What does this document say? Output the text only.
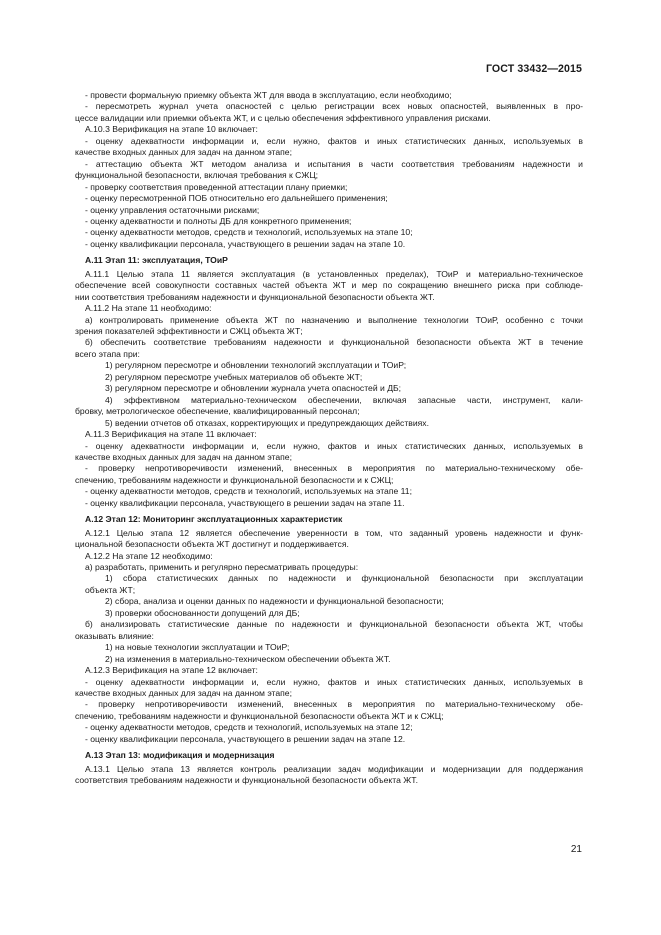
ГОСТ 33432—2015
- провести формальную приемку объекта ЖТ для ввода в эксплуатацию, если необходимо;
- пересмотреть журнал учета опасностей с целью регистрации всех новых опасностей, выявленных в про-
цессе валидации или приемки объекта ЖТ, и с целью обеспечения эффективного управления рисками.
А.10.3 Верификация на этапе 10 включает:
- оценку адекватности информации и, если нужно, фактов и иных статистических данных, используемых в
качестве входных данных для задач на данном этапе;
- аттестацию объекта ЖТ методом анализа и испытания в части соответствия требованиям надежности и
функциональной безопасности, включая требования к СЖЦ;
- проверку соответствия проведенной аттестации плану приемки;
- оценку пересмотренной ПОБ относительно его дальнейшего применения;
- оценку управления остаточными рисками;
- оценку адекватности и полноты ДБ для конкретного применения;
- оценку адекватности методов, средств и технологий, используемых на этапе 10;
- оценку квалификации персонала, участвующего в решении задач на этапе 10.
А.11 Этап 11: эксплуатация, ТОиР
А.11.1 Целью этапа 11 является эксплуатация (в установленных пределах), ТОиР и материально-техническое
обеспечение всей совокупности составных частей объекта ЖТ и мер по сокращению внешнего риска при соблюде-
нии соответствия требованиям надежности и функциональной безопасности объекта ЖТ.
А.11.2 На этапе 11 необходимо:
а) контролировать применение объекта ЖТ по назначению и выполнение технологии ТОиР, особенно с точки
зрения показателей эффективности и СЖЦ объекта ЖТ;
б) обеспечить соответствие требованиям надежности и функциональной безопасности объекта ЖТ в течение
всего этапа при:
1) регулярном пересмотре и обновлении технологий эксплуатации и ТОиР;
2) регулярном пересмотре учебных материалов об объекте ЖТ;
3) регулярном пересмотре и обновлении журнала учета опасностей и ДБ;
4) эффективном материально-техническом обеспечении, включая запасные части, инструмент, кали-
бровку, метрологическое обеспечение, квалифицированный персонал;
5) ведении отчетов об отказах, корректирующих и предупреждающих действиях.
А.11.3 Верификация на этапе 11 включает:
- оценку адекватности информации и, если нужно, фактов и иных статистических данных, используемых в
качестве входных данных для задач на данном этапе;
- проверку непротиворечивости изменений, внесенных в мероприятия по материально-техническому обе-
спечению, требованиям надежности и функциональной безопасности и к СЖЦ;
- оценку адекватности методов, средств и технологий, используемых на этапе 11;
- оценку квалификации персонала, участвующего в решении задач на этапе 11.
А.12 Этап 12: Мониторинг эксплуатационных характеристик
А.12.1 Целью этапа 12 является обеспечение уверенности в том, что заданный уровень надежности и функ-
циональной безопасности объекта ЖТ достигнут и поддерживается.
А.12.2 На этапе 12 необходимо:
а) разработать, применить и регулярно пересматривать процедуры:
1) сбора статистических данных по надежности и функциональной безопасности при эксплуатации
объекта ЖТ;
2) сбора, анализа и оценки данных по надежности и функциональной безопасности;
3) проверки обоснованности допущений для ДБ;
б) анализировать статистические данные по надежности и функциональной безопасности объекта ЖТ, чтобы
оказывать влияние:
1) на новые технологии эксплуатации и ТОиР;
2) на изменения в материально-техническом обеспечении объекта ЖТ.
А.12.3 Верификация на этапе 12 включает:
- оценку адекватности информации и, если нужно, фактов и иных статистических данных, используемых в
качестве входных данных для задач на данном этапе;
- проверку непротиворечивости изменений, внесенных в мероприятия по материально-техническому обе-
спечению, требованиям надежности и функциональной безопасности объекта ЖТ и к СЖЦ;
- оценку адекватности методов, средств и технологий, используемых на этапе 12;
- оценку квалификации персонала, участвующего в решении задач на этапе 12.
А.13 Этап 13: модификация и модернизация
А.13.1 Целью этапа 13 является контроль реализации задач модификации и модернизации для поддержания
соответствия требованиям надежности и функциональной безопасности объекта ЖТ.
21
